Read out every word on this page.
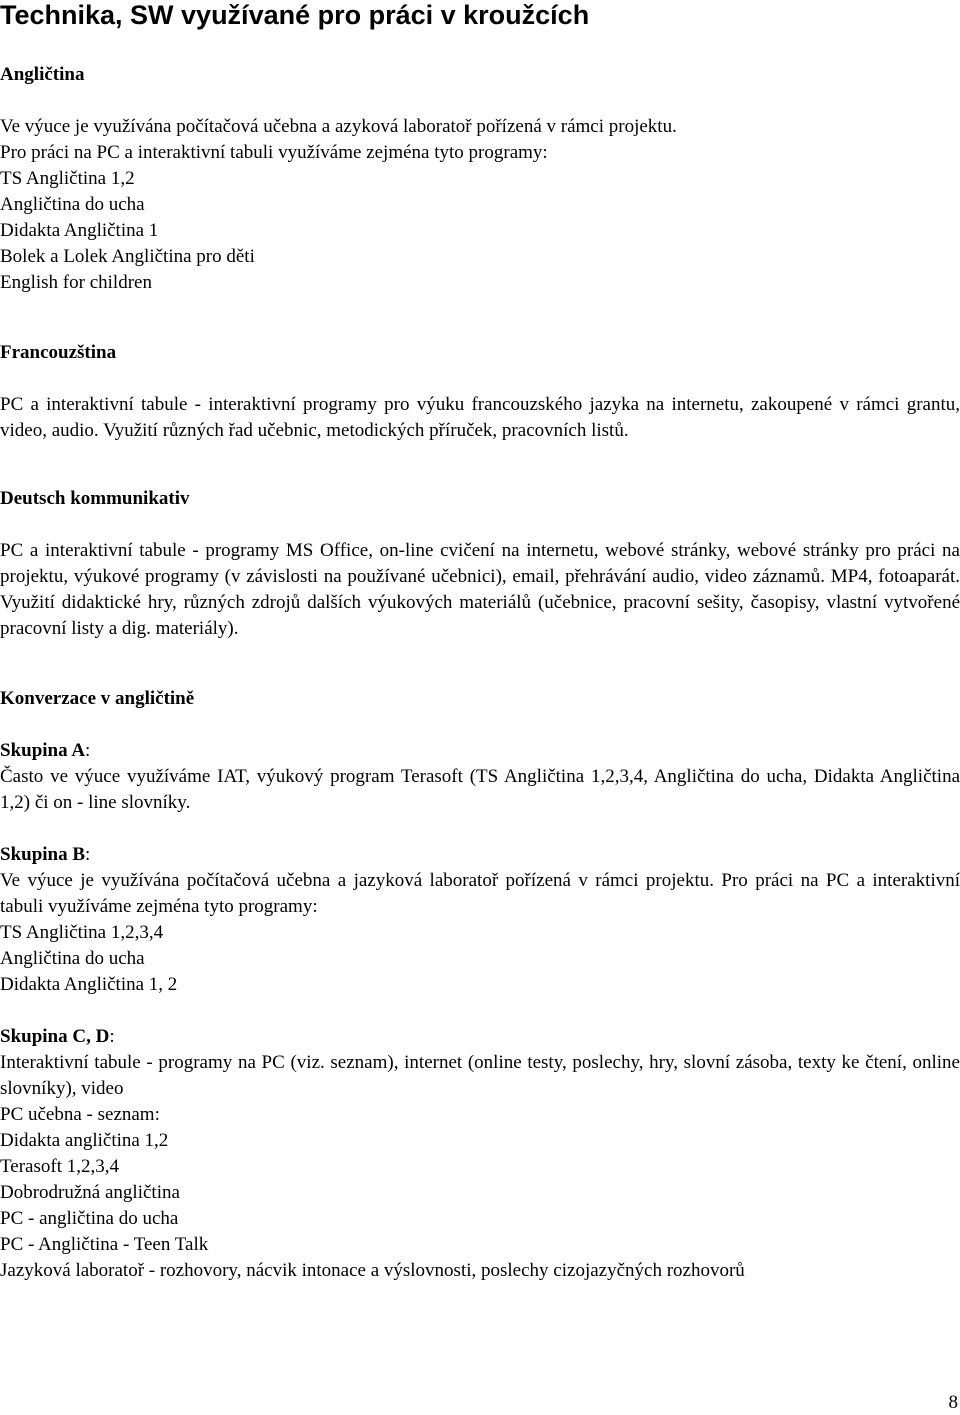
Technika, SW využívané pro práci v kroužcích

Angličtina

Ve výuce je využívána počítačová učebna a azyková laboratoř pořízená v rámci projektu.

Pro práci na PC a interaktivní tabuli využíváme zejména tyto programy:

TS Angličtina 1,2

Angličtina do ucha

Didakta Angličtina 1

Bolek a Lolek Angličtina pro děti

English for children

Francouzština

PC a interaktivní tabule - interaktivní programy pro výuku francouzského jazyka na internetu, zakoupené v rámci grantu, video, audio. Využití různých řad učebnic, metodických příruček, pracovních listů.

Deutsch kommunikativ

PC a interaktivní tabule - programy MS Office, on-line cvičení na internetu, webové stránky, webové stránky pro práci na projektu, výukové programy (v závislosti na používané učebnici), email, přehrávání audio, video záznamů. MP4, fotoaparát. Využití didaktické hry, různých zdrojů dalších výukových materiálů (učebnice, pracovní sešity, časopisy, vlastní vytvořené pracovní listy a dig. materiály).

Konverzace v angličtině

Skupina A:

Často ve výuce využíváme IAT, výukový program Terasoft (TS Angličtina 1,2,3,4, Angličtina do ucha, Didakta Angličtina 1,2) či on - line slovníky.

Skupina B:

Ve výuce je využívána počítačová učebna a jazyková laboratoř pořízená v rámci projektu. Pro práci na PC a interaktivní tabuli využíváme zejména tyto programy:

TS Angličtina 1,2,3,4

Angličtina do ucha

Didakta Angličtina 1, 2

Skupina C, D:

Interaktivní tabule - programy na PC (viz. seznam), internet (online testy, poslechy, hry, slovní zásoba, texty ke čtení, online slovníky), video

PC učebna - seznam:

Didakta angličtina 1,2

Terasoft 1,2,3,4

Dobrodružná angličtina

PC - angličtina do ucha

PC - Angličtina - Teen Talk

Jazyková laboratoř - rozhovory, nácvik intonace a výslovnosti, poslechy cizojazyčných rozhovorů

8
